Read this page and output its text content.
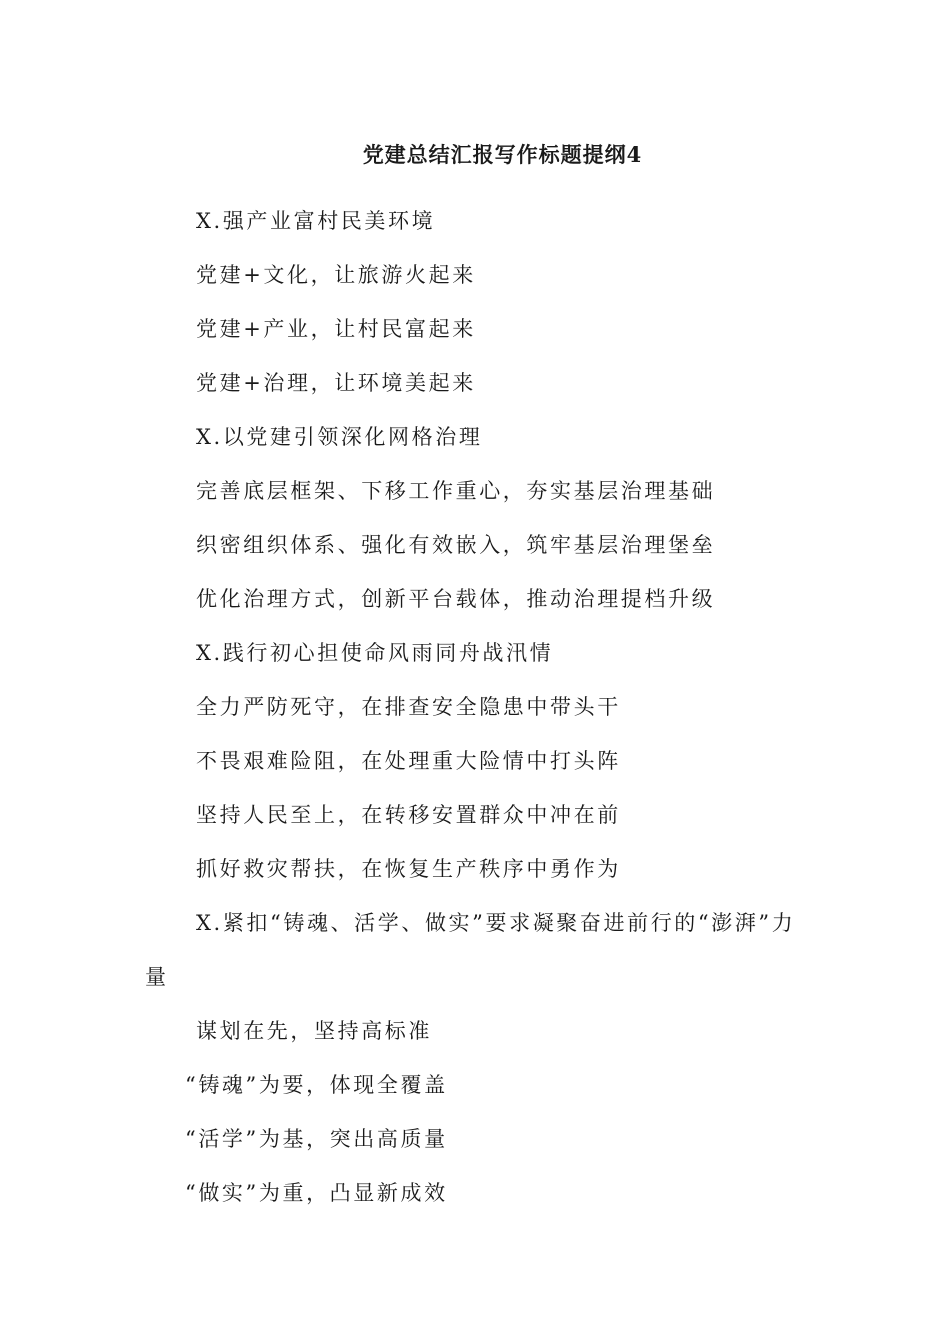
党建总结汇报写作标题提纲4
X.强产业富村民美环境
党建+文化，让旅游火起来
党建+产业，让村民富起来
党建+治理，让环境美起来
X.以党建引领深化网格治理
完善底层框架、下移工作重心，夯实基层治理基础
织密组织体系、强化有效嵌入，筑牢基层治理堡垒
优化治理方式，创新平台载体，推动治理提档升级
X.践行初心担使命风雨同舟战汛情
全力严防死守，在排查安全隐患中带头干
不畏艰难险阻，在处理重大险情中打头阵
坚持人民至上，在转移安置群众中冲在前
抓好救灾帮扶，在恢复生产秩序中勇作为
X.紧扣“铸魂、活学、做实”要求凝聚奋进前行的“澎湃”力量
谋划在先，坚持高标准
“铸魂”为要，体现全覆盖
“活学”为基，突出高质量
“做实”为重，凸显新成效
